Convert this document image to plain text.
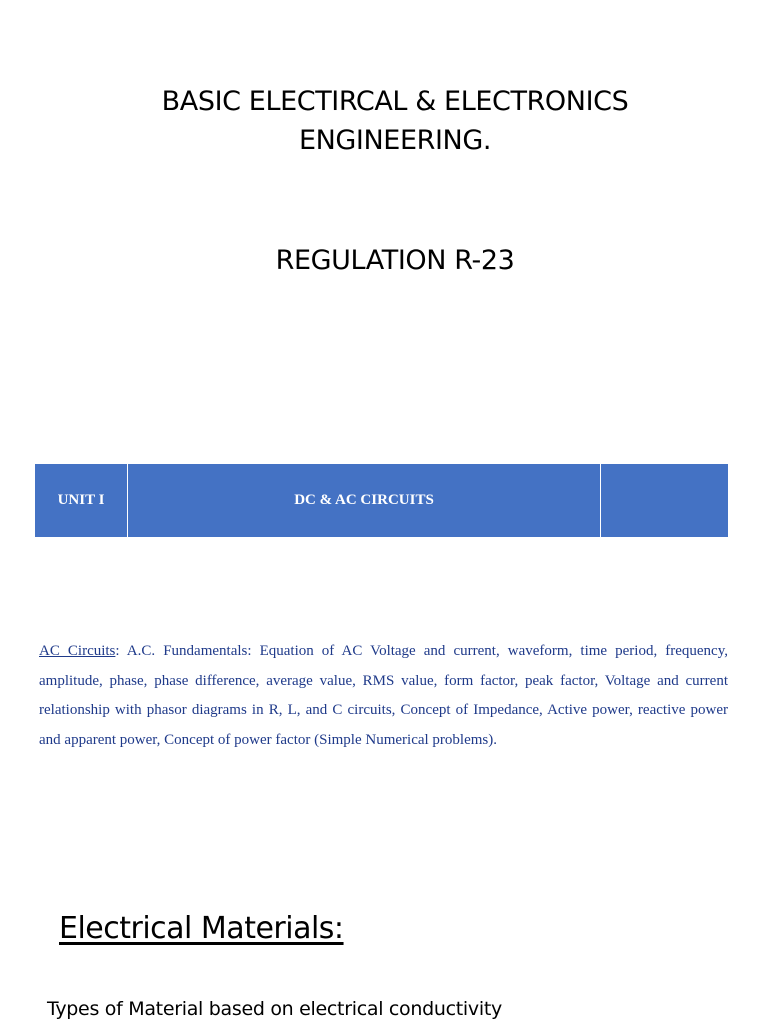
BASIC ELECTIRCAL & ELECTRONICS
ENGINEERING.
REGULATION R-23
UNIT I	DC & AC CIRCUITS
AC Circuits: A.C. Fundamentals: Equation of AC Voltage and current, waveform, time period, frequency, amplitude, phase, phase difference, average value, RMS value, form factor, peak factor, Voltage and current relationship with phasor diagrams in R, L, and C circuits, Concept of Impedance, Active power, reactive power and apparent power, Concept of power factor (Simple Numerical problems).
Electrical Materials:
Types of Material based on electrical conductivity
